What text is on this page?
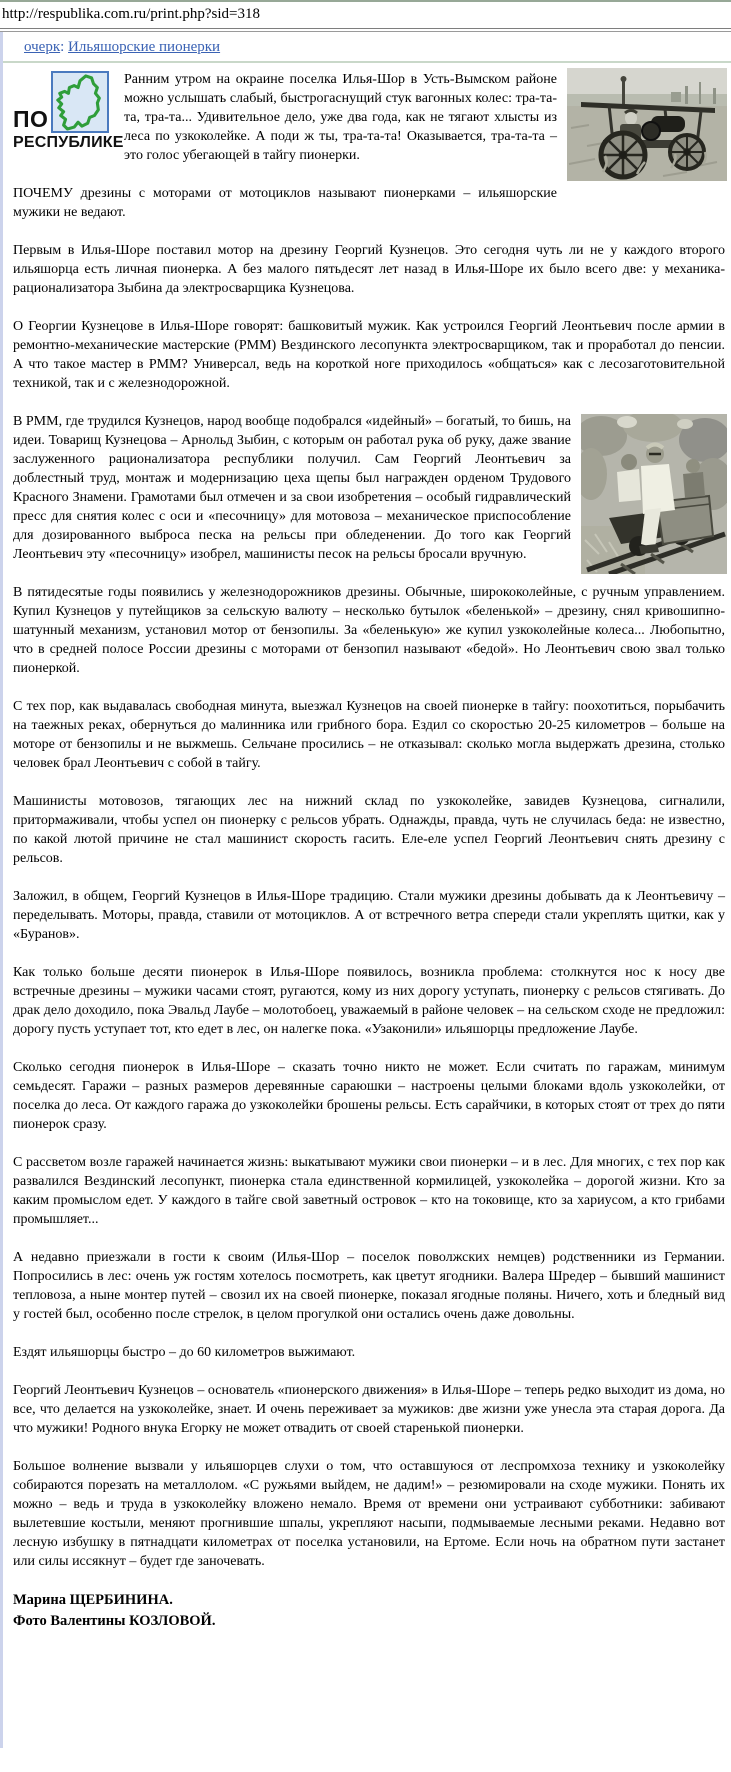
http://respublika.com.ru/print.php?sid=318
очерк: Ильяшорские пионерки
ПО
РЕСПУБЛИКЕ

Ранним утром на окраине поселка Илья-Шор в Усть-Вымском районе можно услышать слабый, быстрогаснущий стук вагонных колес: тра-та-та, тра-та... Удивительное дело, уже два года, как не тягают хлысты из леса по узкоколейке. А поди ж ты, тра-та-та! Оказывается, тра-та-та – это голос убегающей в тайгу пионерки.

ПОЧЕМУ дрезины с моторами от мотоциклов называют пионерками – ильяшорские мужики не ведают.

Первым в Илья-Шоре поставил мотор на дрезину Георгий Кузнецов. Это сегодня чуть ли не у каждого второго ильяшорца есть личная пионерка. А без малого пятьдесят лет назад в Илья-Шоре их было всего две: у механика-рационализатора Зыбина да электросварщика Кузнецова.

О Георгии Кузнецове в Илья-Шоре говорят: башковитый мужик. Как устроился Георгий Леонтьевич после армии в ремонтно-механические мастерские (РММ) Вездинского лесопункта электросварщиком, так и проработал до пенсии. А что такое мастер в РММ? Универсал, ведь на короткой ноге приходилось «общаться» как с лесозаготовительной техникой, так и с железнодорожной.

В РММ, где трудился Кузнецов, народ вообще подобрался «идейный» – богатый, то бишь, на идеи. Товарищ Кузнецова – Арнольд Зыбин, с которым он работал рука об руку, даже звание заслуженного рационализатора республики получил. Сам Георгий Леонтьевич за доблестный труд, монтаж и модернизацию цеха щепы был награжден орденом Трудового Красного Знамени. Грамотами был отмечен и за свои изобретения – особый гидравлический пресс для снятия колес с оси и «песочницу» для мотовоза – механическое приспособление для дозированного выброса песка на рельсы при обледенении. До того как Георгий Леонтьевич эту «песочницу» изобрел, машинисты песок на рельсы бросали вручную.

В пятидесятые годы появились у железнодорожников дрезины. Обычные, ширококолейные, с ручным управлением. Купил Кузнецов у путейщиков за сельскую валюту – несколько бутылок «беленькой» – дрезину, снял кривошипно-шатунный механизм, установил мотор от бензопилы. За «беленькую» же купил узкоколейные колеса... Любопытно, что в средней полосе России дрезины с моторами от бензопил называют «бедой». Но Леонтьевич свою звал только пионеркой.

С тех пор, как выдавалась свободная минута, выезжал Кузнецов на своей пионерке в тайгу: поохотиться, порыбачить на таежных реках, обернуться до малинника или грибного бора. Ездил со скоростью 20-25 километров – больше на моторе от бензопилы и не выжмешь. Сельчане просились – не отказывал: сколько могла выдержать дрезина, столько человек брал Леонтьевич с собой в тайгу.

Машинисты мотовозов, тягающих лес на нижний склад по узкоколейке, завидев Кузнецова, сигналили, притормаживали, чтобы успел он пионерку с рельсов убрать. Однажды, правда, чуть не случилась беда: не известно, по какой лютой причине не стал машинист скорость гасить. Еле-еле успел Георгий Леонтьевич снять дрезину с рельсов.

Заложил, в общем, Георгий Кузнецов в Илья-Шоре традицию. Стали мужики дрезины добывать да к Леонтьевичу – переделывать. Моторы, правда, ставили от мотоциклов. А от встречного ветра спереди стали укреплять щитки, как у «Буранов».

Как только больше десяти пионерок в Илья-Шоре появилось, возникла проблема: столкнутся нос к носу две встречные дрезины – мужики часами стоят, ругаются, кому из них дорогу уступать, пионерку с рельсов стягивать. До драк дело доходило, пока Эвальд Лаубе – молотобоец, уважаемый в районе человек – на сельском сходе не предложил: дорогу пусть уступает тот, кто едет в лес, он налегке пока. «Узаконили» ильяшорцы предложение Лаубе.

Сколько сегодня пионерок в Илья-Шоре – сказать точно никто не может. Если считать по гаражам, минимум семьдесят. Гаражи – разных размеров деревянные сараюшки – настроены целыми блоками вдоль узкоколейки, от поселка до леса. От каждого гаража до узкоколейки брошены рельсы. Есть сарайчики, в которых стоят от трех до пяти пионерок сразу.

С рассветом возле гаражей начинается жизнь: выкатывают мужики свои пионерки – и в лес. Для многих, с тех пор как развалился Вездинский лесопункт, пионерка стала единственной кормилицей, узкоколейка – дорогой жизни. Кто за каким промыслом едет. У каждого в тайге свой заветный островок – кто на токовище, кто за хариусом, а кто грибами промышляет...

А недавно приезжали в гости к своим (Илья-Шор – поселок поволжских немцев) родственники из Германии. Попросились в лес: очень уж гостям хотелось посмотреть, как цветут ягодники. Валера Шредер – бывший машинист тепловоза, а ныне монтер путей – свозил их на своей пионерке, показал ягодные поляны. Ничего, хоть и бледный вид у гостей был, особенно после стрелок, в целом прогулкой они остались очень даже довольны.

Ездят ильяшорцы быстро – до 60 километров выжимают.

Георгий Леонтьевич Кузнецов – основатель «пионерского движения» в Илья-Шоре – теперь редко выходит из дома, но все, что делается на узкоколейке, знает. И очень переживает за мужиков: две жизни уже унесла эта старая дорога. Да что мужики! Родного внука Егорку не может отвадить от своей старенькой пионерки.

Большое волнение вызвали у ильяшорцев слухи о том, что оставшуюся от леспромхоза технику и узкоколейку собираются порезать на металлолом. «С ружьями выйдем, не дадим!» – резюмировали на сходе мужики. Понять их можно – ведь и труда в узкоколейку вложено немало. Время от времени они устраивают субботники: забивают вылетевшие костыли, меняют прогнившие шпалы, укрепляют насыпи, подмываемые лесными реками. Недавно вот лесную избушку в пятнадцати километрах от поселка установили, на Ертоме. Если ночь на обратном пути застанет или силы иссякнут – будет где заночевать.

Марина ЩЕРБИНИНА.
Фото Валентины КОЗЛОВОЙ.
